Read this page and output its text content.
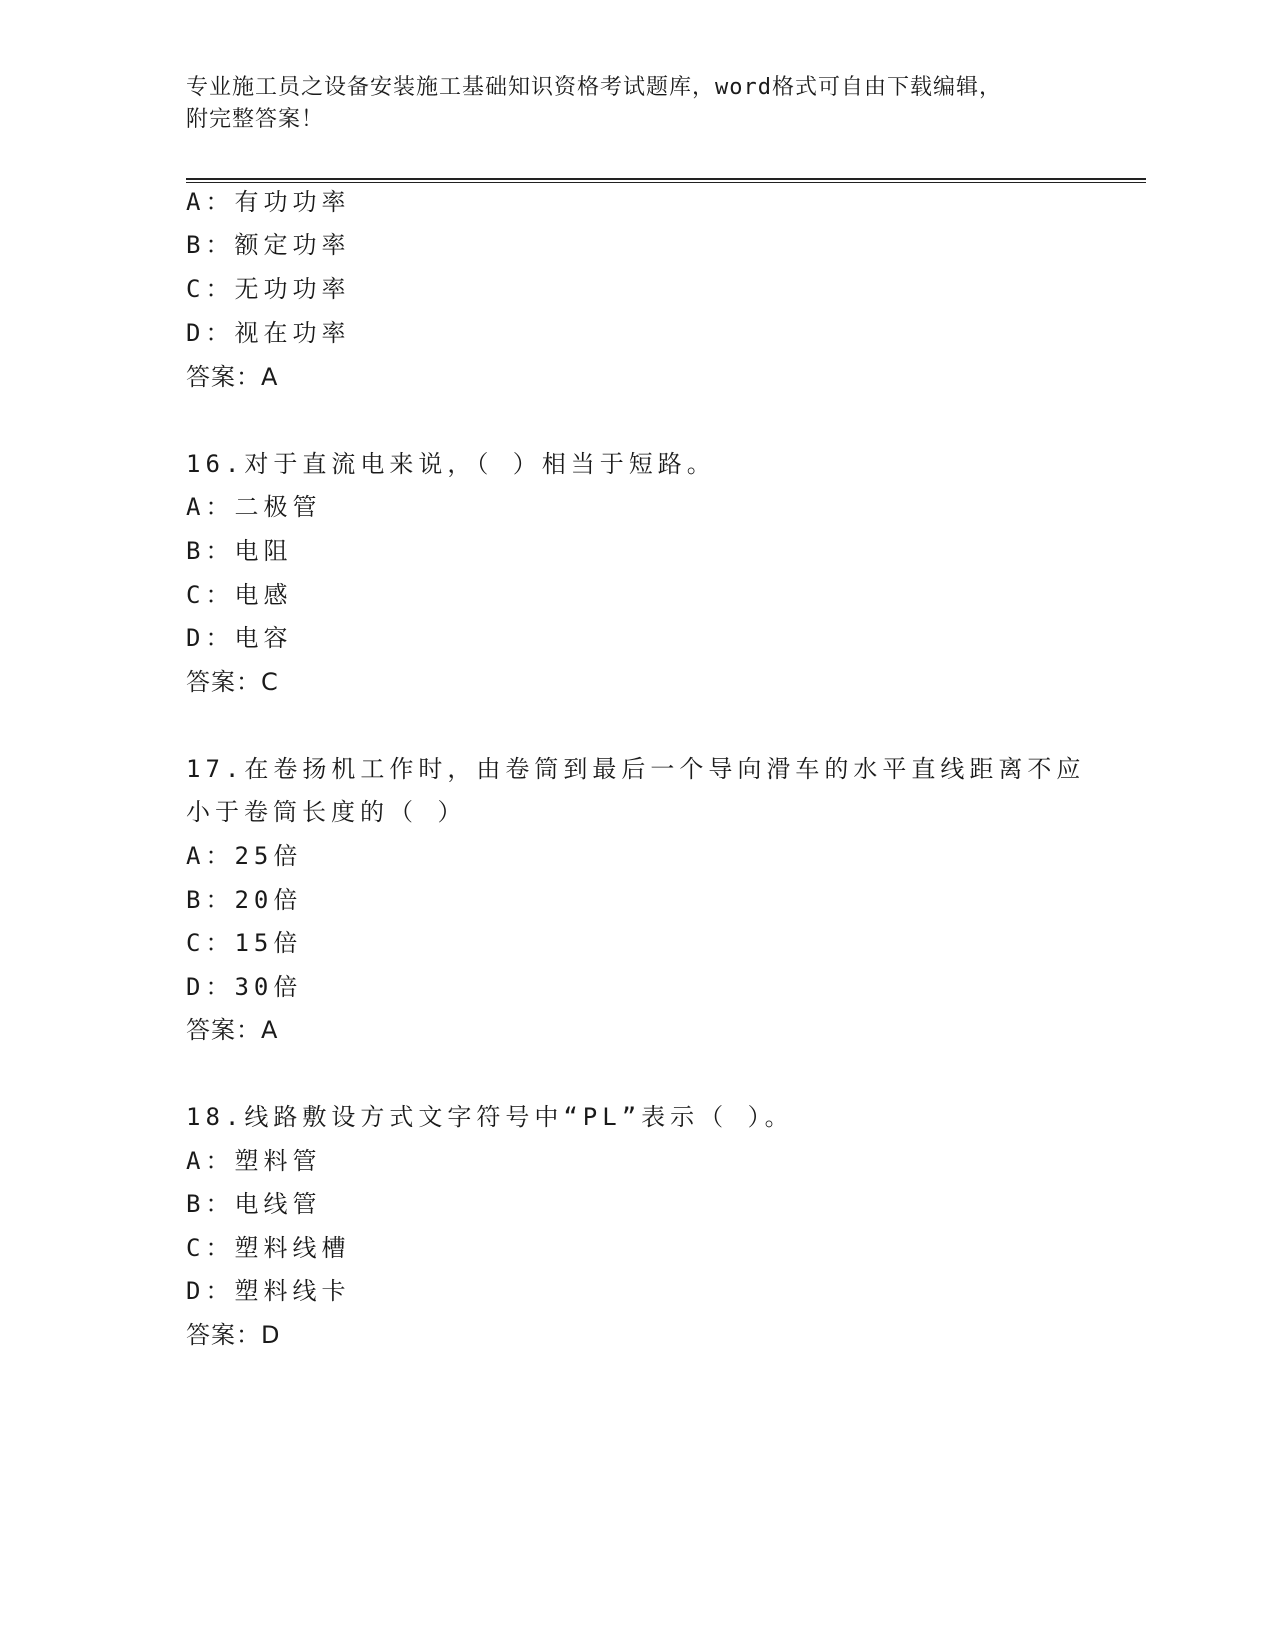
专业施工员之设备安装施工基础知识资格考试题库，word格式可自由下载编辑，
附完整答案！
A：有功功率
B：额定功率
C：无功功率
D：视在功率
答案：A
16.对于直流电来说，（ ）相当于短路。
A：二极管
B：电阻
C：电感
D：电容
答案：C
17.在卷扬机工作时，由卷筒到最后一个导向滑车的水平直线距离不应
小于卷筒长度的（ ）
A：25倍
B：20倍
C：15倍
D：30倍
答案：A
18.线路敷设方式文字符号中“PL”表示（ ）。
A：塑料管
B：电线管
C：塑料线槽
D：塑料线卡
答案：D
